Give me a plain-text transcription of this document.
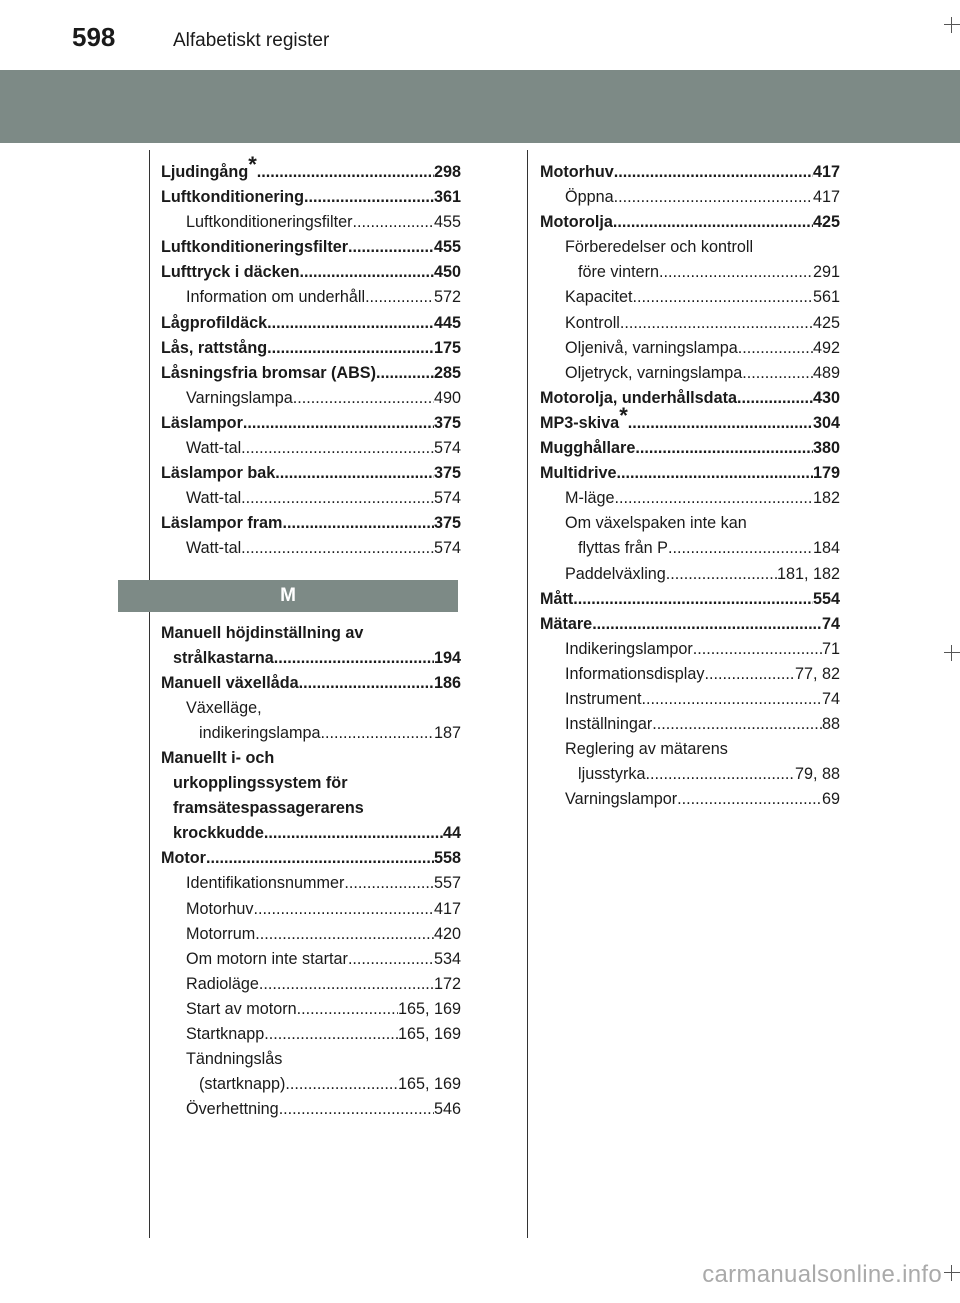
598	Alfabetiskt register
Ljudingång* .....	298
Luftkonditionering .....	361
Luftkonditioneringsfilter .....	455
Luftkonditioneringsfilter .....	455
Lufttryck i däcken .....	450
Information om underhåll .....	572
Lågprofildäck .....	445
Lås, rattstång .....	175
Låsningsfria bromsar (ABS) .....	285
Varningslampa .....	490
Läslampor .....	375
Watt-tal .....	574
Läslampor bak .....	375
Watt-tal .....	574
Läslampor fram .....	375
Watt-tal .....	574
M
Manuell höjdinställning av
strålkastarna .....	194
Manuell växellåda .....	186
Växelläge,
indikeringslampa .....	187
Manuellt i- och
urkopplingssystem för
framsätespassagerarens
krockkudde .....	44
Motor .....	558
Identifikationsnummer .....	557
Motorhuv .....	417
Motorrum .....	420
Om motorn inte startar .....	534
Radioläge .....	172
Start av motorn .....	165, 169
Startknapp .....	165, 169
Tändningslås
(startknapp) .....	165, 169
Överhettning .....	546
Motorhuv .....	417
Öppna .....	417
Motorolja .....	425
Förberedelser och kontroll
före vintern .....	291
Kapacitet .....	561
Kontroll .....	425
Oljenivå, varningslampa .....	492
Oljetryck, varningslampa .....	489
Motorolja, underhållsdata .....	430
MP3-skiva* .....	304
Mugghållare .....	380
Multidrive .....	179
M-läge .....	182
Om växelspaken inte kan
flyttas från P .....	184
Paddelväxling .....	181, 182
Mått .....	554
Mätare .....	74
Indikeringslampor .....	71
Informationsdisplay .....	77, 82
Instrument .....	74
Inställningar .....	88
Reglering av mätarens
ljusstyrka .....	79, 88
Varningslampor .....	69
carmanualsonline.info
